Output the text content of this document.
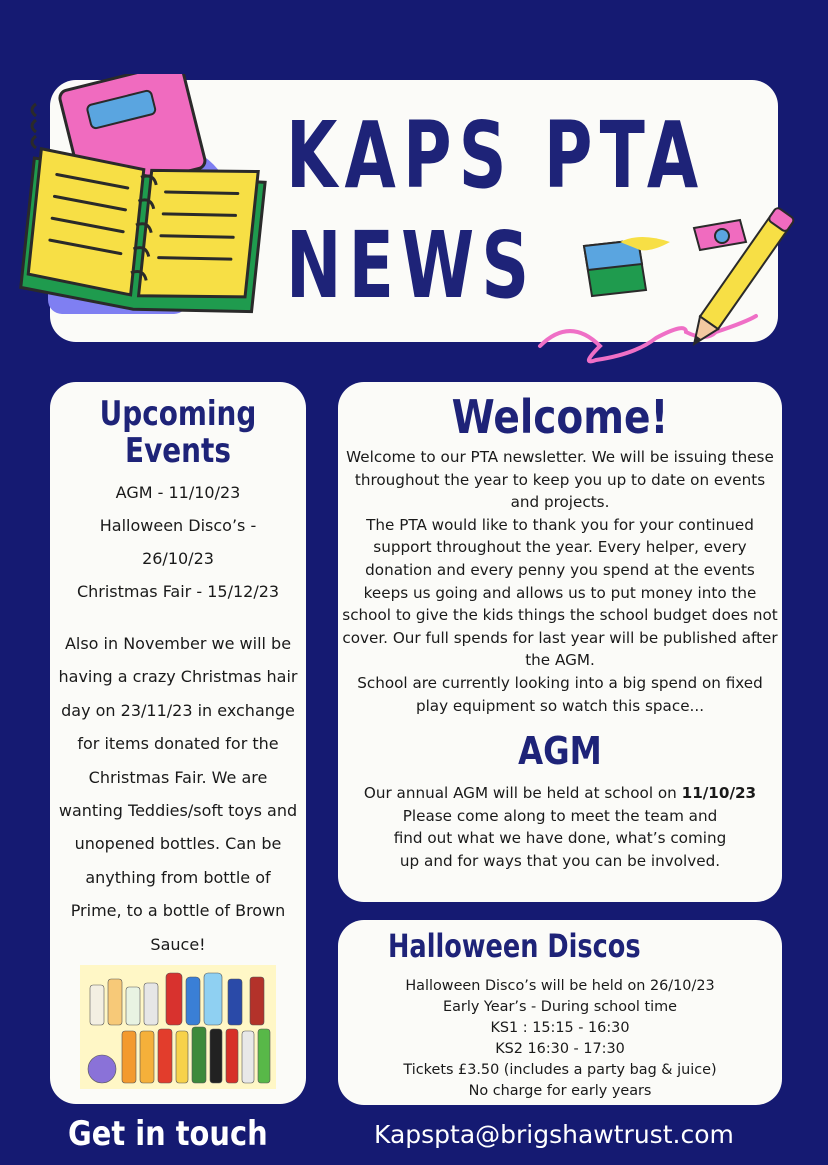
KAPS PTA
NEWS
Upcoming
Events
AGM - 11/10/23
Halloween Disco’s -
26/10/23
Christmas Fair - 15/12/23
Also in November we will be having a crazy Christmas hair day on 23/11/23 in exchange for items donated for the Christmas Fair. We are wanting Teddies/soft toys and unopened bottles. Can be anything from bottle of Prime, to a bottle of Brown Sauce!
Welcome!
Welcome to our PTA newsletter. We will be issuing these throughout the year to keep you up to date on events and projects.
The PTA would like to thank you for your continued support throughout the year. Every helper, every donation and every penny you spend at the events keeps us going and allows us to put money into the school to give the kids things the school budget does not cover. Our full spends for last year will be published after the AGM.
School are currently looking into a big spend on fixed play equipment so watch this space...
AGM
Our annual AGM will be held at school on 11/10/23
Please come along to meet the team and
find out what we have done, what’s coming
up and for ways that you can be involved.
Halloween Discos
Halloween Disco’s will be held on 26/10/23
Early Year’s - During school time
KS1 : 15:15 - 16:30
KS2 16:30 - 17:30
Tickets £3.50 (includes a party bag & juice)
No charge for early years
Get in touch	Kapspta@brigshawtrust.com
